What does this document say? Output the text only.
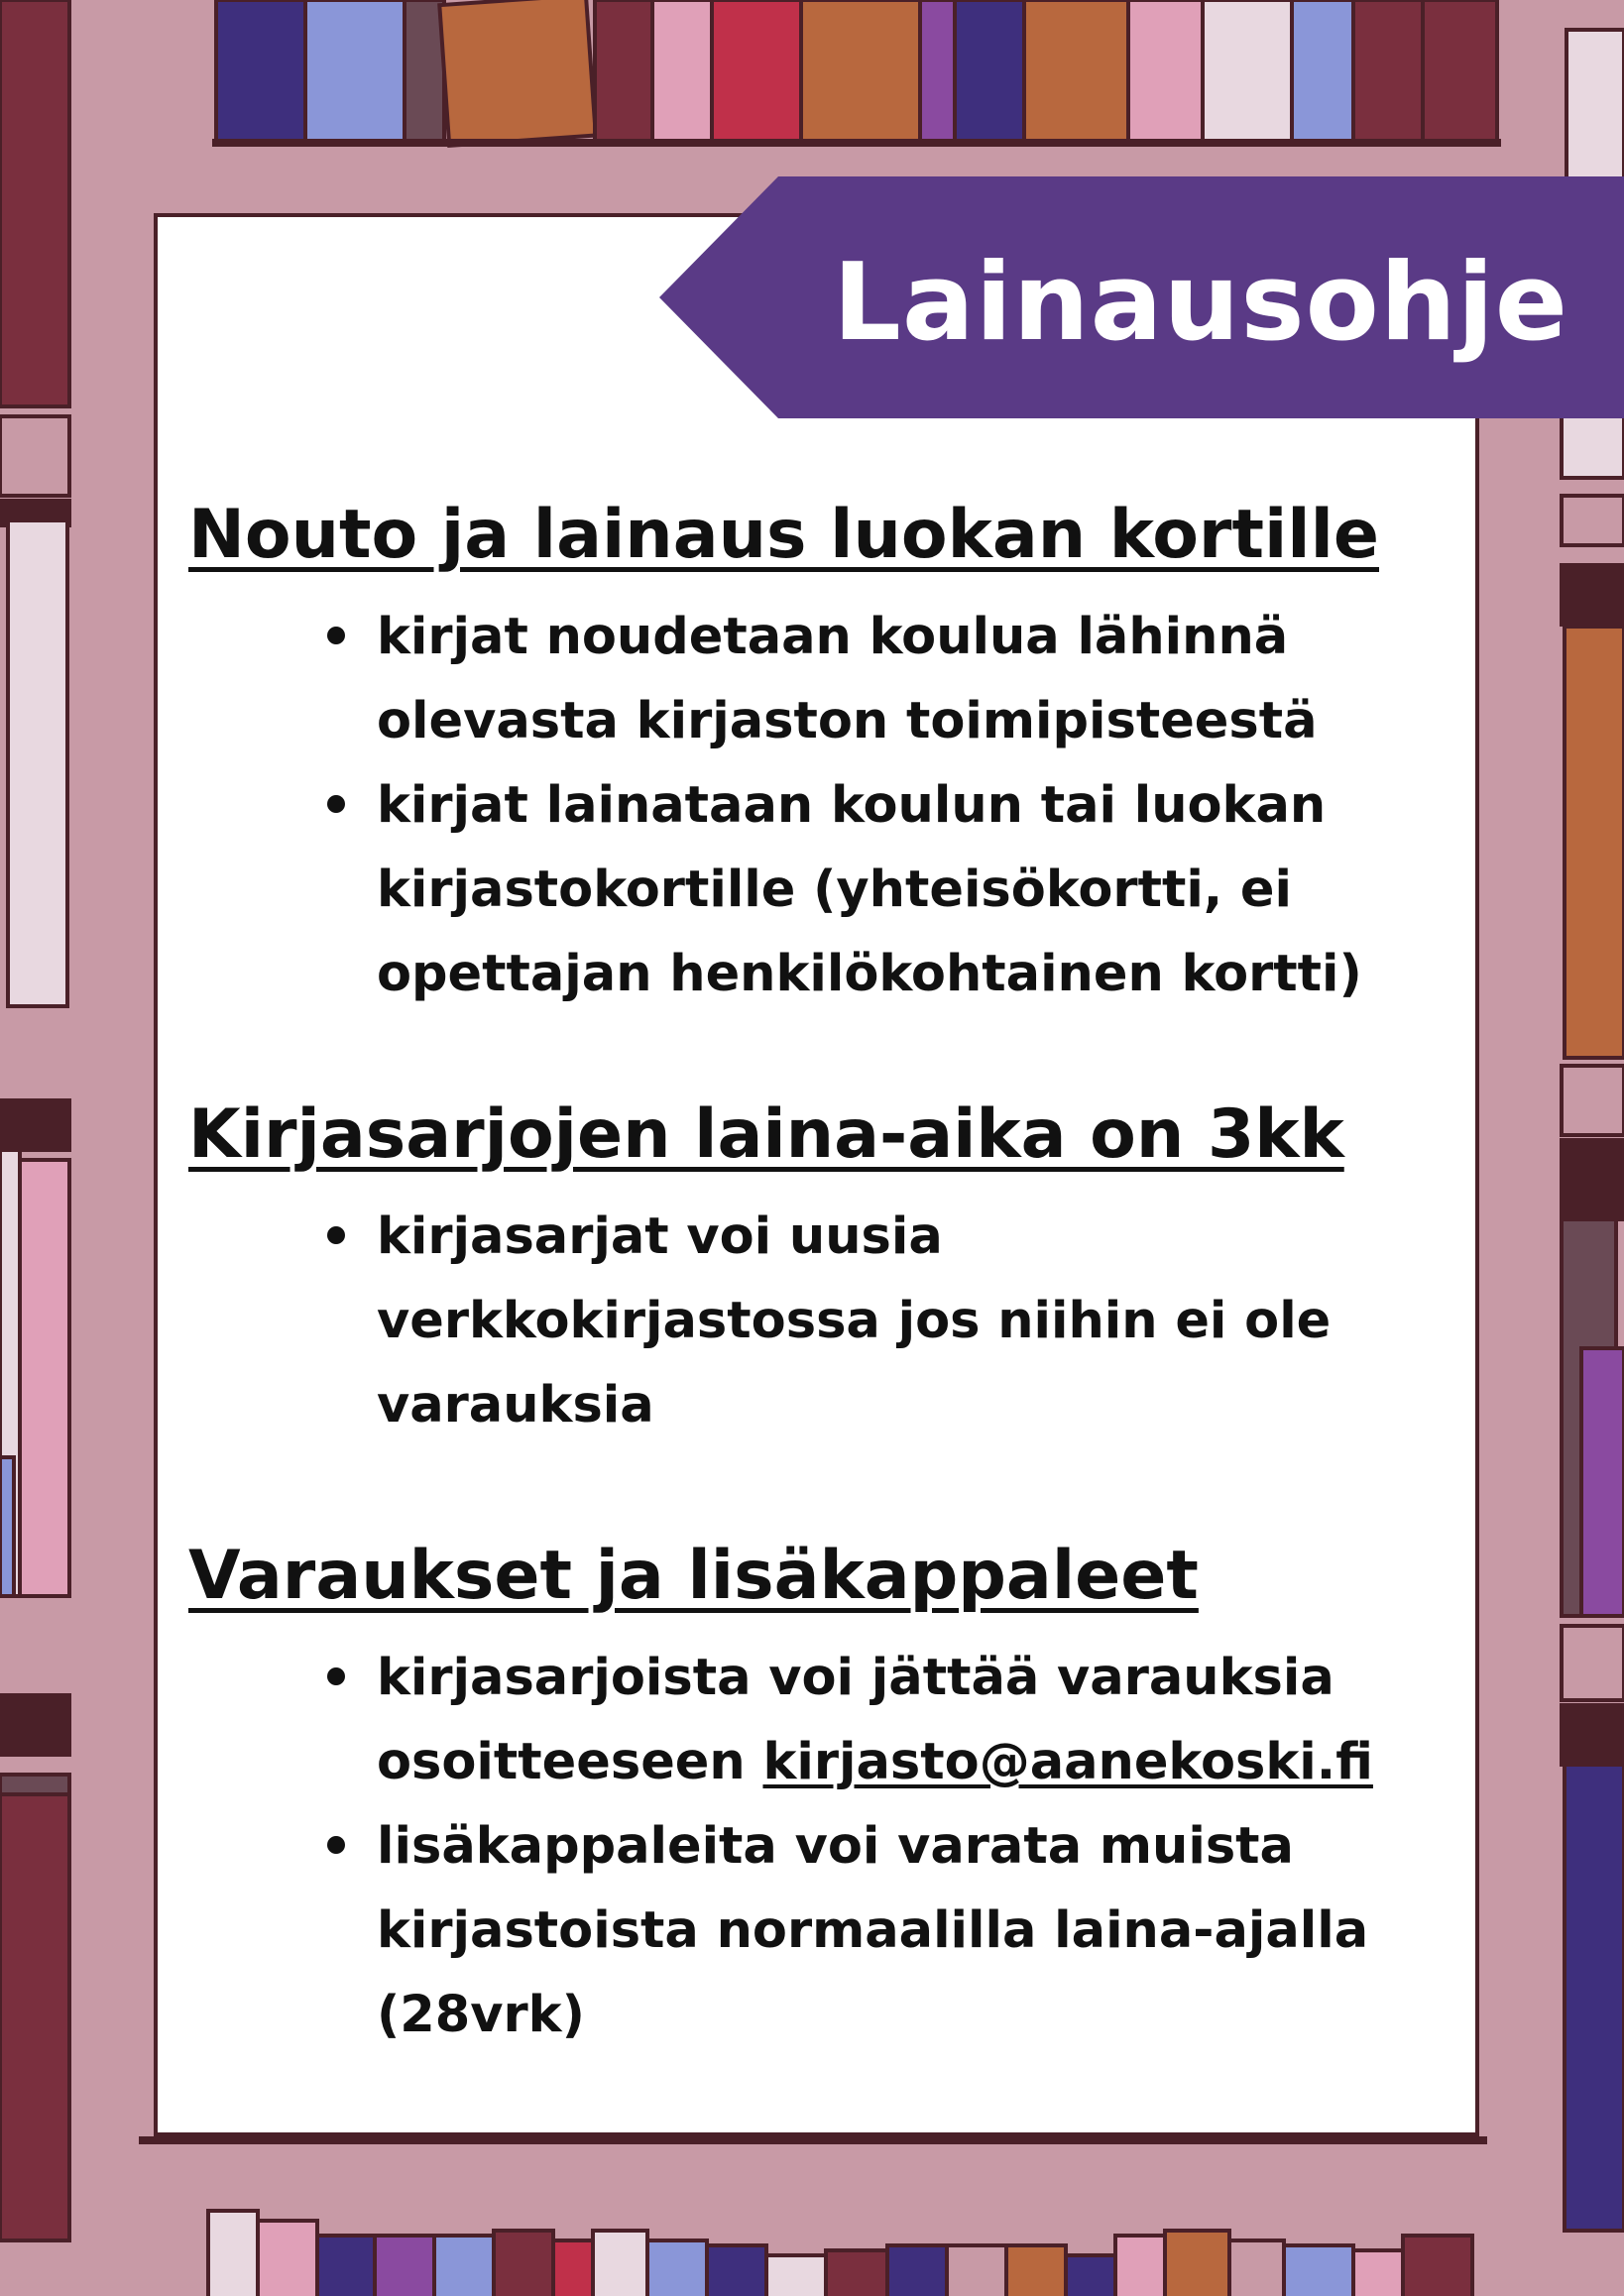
Lainausohje
Nouto ja lainaus luokan kortille
kirjat noudetaan koulua lähinnä olevasta kirjaston toimipisteestä
kirjat lainataan koulun tai luokan kirjastokortille (yhteisökortti, ei opettajan henkilökohtainen kortti)
Kirjasarjojen laina-aika on 3kk
kirjasarjat voi uusia verkkokirjastossa jos niihin ei ole varauksia
Varaukset ja lisäkappaleet
kirjasarjoista voi jättää varauksia osoitteeseen kirjasto@aanekoski.fi
lisäkappaleita voi varata muista kirjastoista normaalilla laina-ajalla (28vrk)
